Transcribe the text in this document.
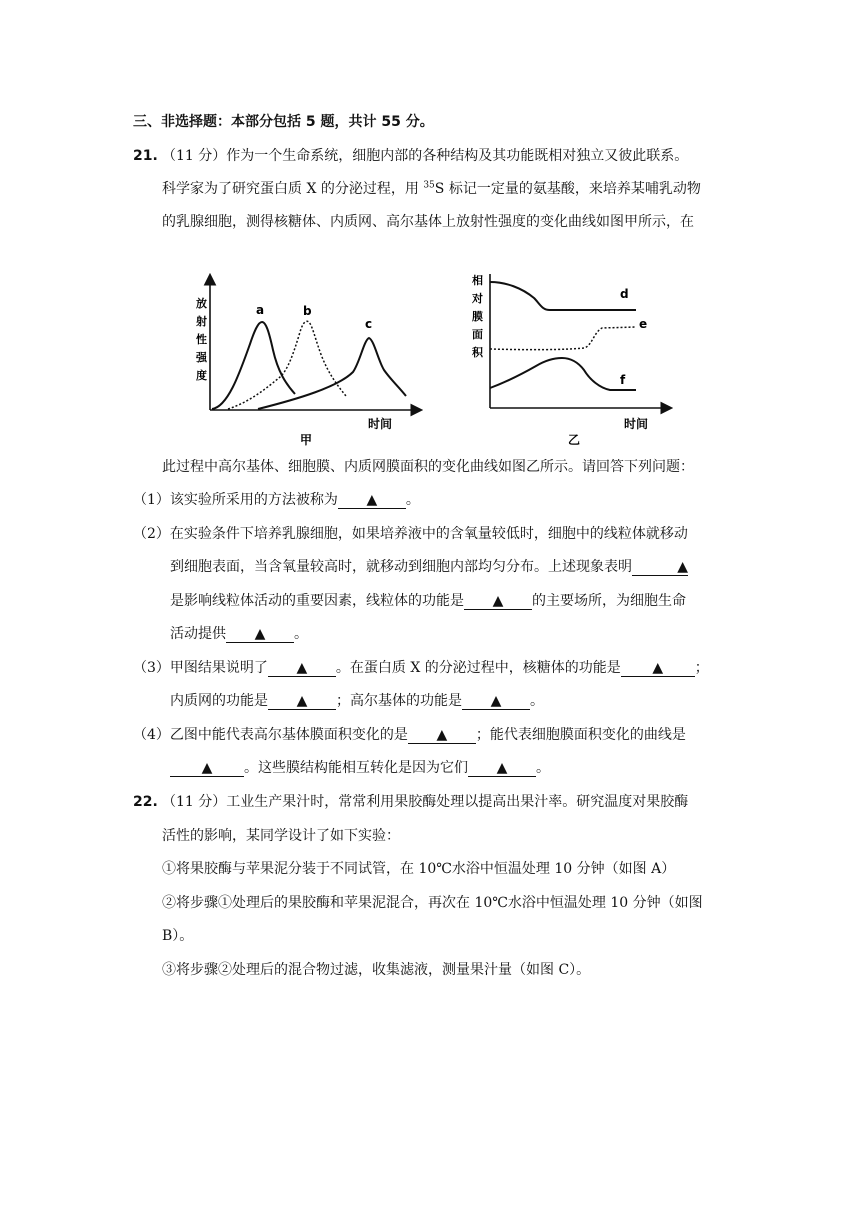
三、非选择题：本部分包括 5 题，共计 55 分。
21. （11 分）作为一个生命系统，细胞内部的各种结构及其功能既相对独立又彼此联系。
科学家为了研究蛋白质 X 的分泌过程，用 $^{35}$S 标记一定量的氨基酸，来培养某哺乳动物
的乳腺细胞，测得核糖体、内质网、高尔基体上放射性强度的变化曲线如图甲所示，在
放
射
性
强
度
a	b
c
时间
甲
相
对
膜
面
积
d
e
f
时间
乙
此过程中高尔基体、细胞膜、内质网膜面积的变化曲线如图乙所示。请回答下列问题：
（1）该实验所采用的方法被称为 ▲ 。
（2）在实验条件下培养乳腺细胞，如果培养液中的含氧量较低时，细胞中的线粒体就移动
到细胞表面，当含氧量较高时，就移动到细胞内部均匀分布。上述现象表明	▲
是影响线粒体活动的重要因素，线粒体的功能是 ▲ 的主要场所，为细胞生命
活动提供 ▲ 。
（3）甲图结果说明了 ▲ 。在蛋白质 X 的分泌过程中，核糖体的功能是 ▲ ；
内质网的功能是 ▲ ；高尔基体的功能是 ▲ 。
（4）乙图中能代表高尔基体膜面积变化的是 ▲ ；能代表细胞膜面积变化的曲线是
▲ 。这些膜结构能相互转化是因为它们 ▲ 。
22. （11 分）工业生产果汁时，常常利用果胶酶处理以提高出果汁率。研究温度对果胶酶
活性的影响，某同学设计了如下实验：
①将果胶酶与苹果泥分装于不同试管，在 10℃水浴中恒温处理 10 分钟（如图 A）
②将步骤①处理后的果胶酶和苹果泥混合，再次在 10℃水浴中恒温处理 10 分钟（如图
B）。
③将步骤②处理后的混合物过滤，收集滤液，测量果汁量（如图 C）。
